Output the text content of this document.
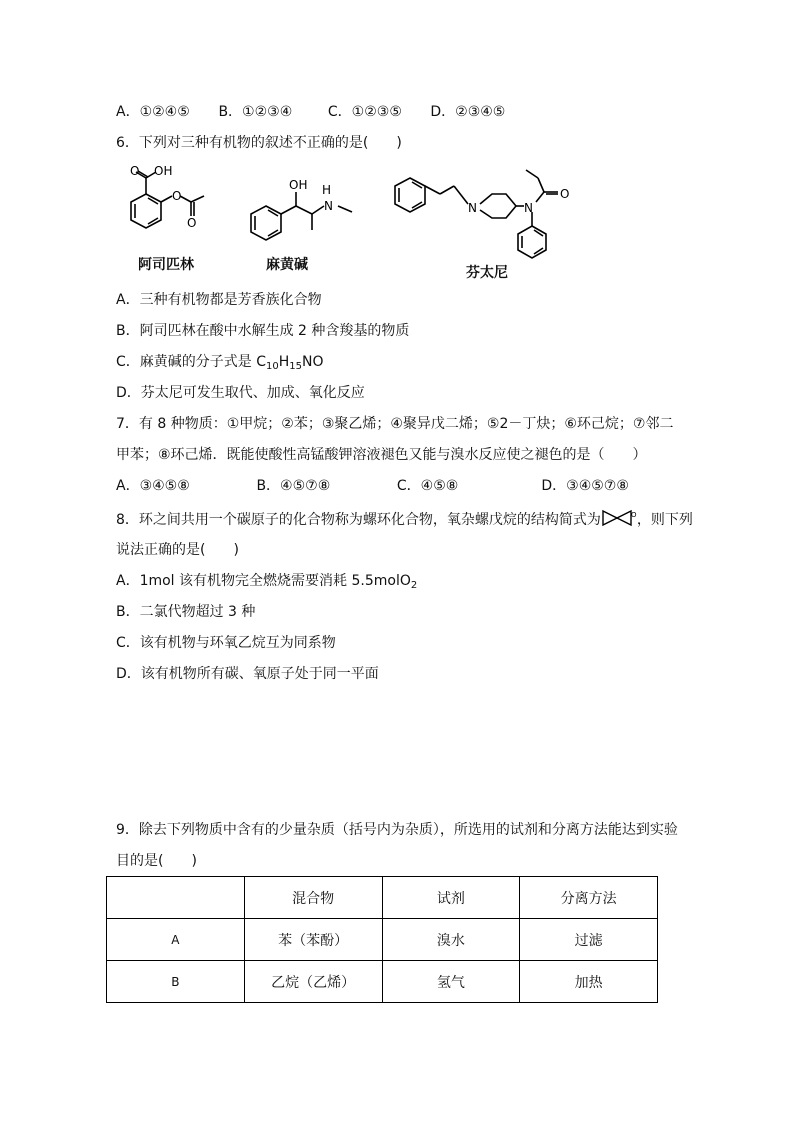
A．①②④⑤ B．①②③④	C．①②③⑤ D．②③④⑤
6．下列对三种有机物的叙述不正确的是(　　)
O OH
O
O
阿司匹林
OH H
N
麻黄碱
N	N
O
芬太尼
A．三种有机物都是芳香族化合物
B．阿司匹林在酸中水解生成 2 种含羧基的物质
C．麻黄碱的分子式是 $C_{10}H_{15}NO$
D．芬太尼可发生取代、加成、氧化反应
7．有 8 种物质：①甲烷；②苯；③聚乙烯；④聚异戊二烯；⑤2－丁炔；⑥环己烷；⑦邻二
甲苯；⑧环己烯．既能使酸性高锰酸钾溶液褪色又能与溴水反应使之褪色的是（　　）
A．③④⑤⑧	B．④⑤⑦⑧	C．④⑤⑧	D．③④⑤⑦⑧
8．环之间共用一个碳原子的化合物称为螺环化合物，氧杂螺戊烷的结构简式为	O ，则下列
说法正确的是(　　)
A．1mol 该有机物完全燃烧需要消耗 5.5molO$_2$
B．二氯代物超过 3 种
C．该有机物与环氧乙烷互为同系物
D．该有机物所有碳、氧原子处于同一平面
9．除去下列物质中含有的少量杂质（括号内为杂质），所选用的试剂和分离方法能达到实验
目的是(　　)
	混合物	试剂	分离方法
A	苯（苯酚）	溴水	过滤
B	乙烷（乙烯）	氢气	加热
